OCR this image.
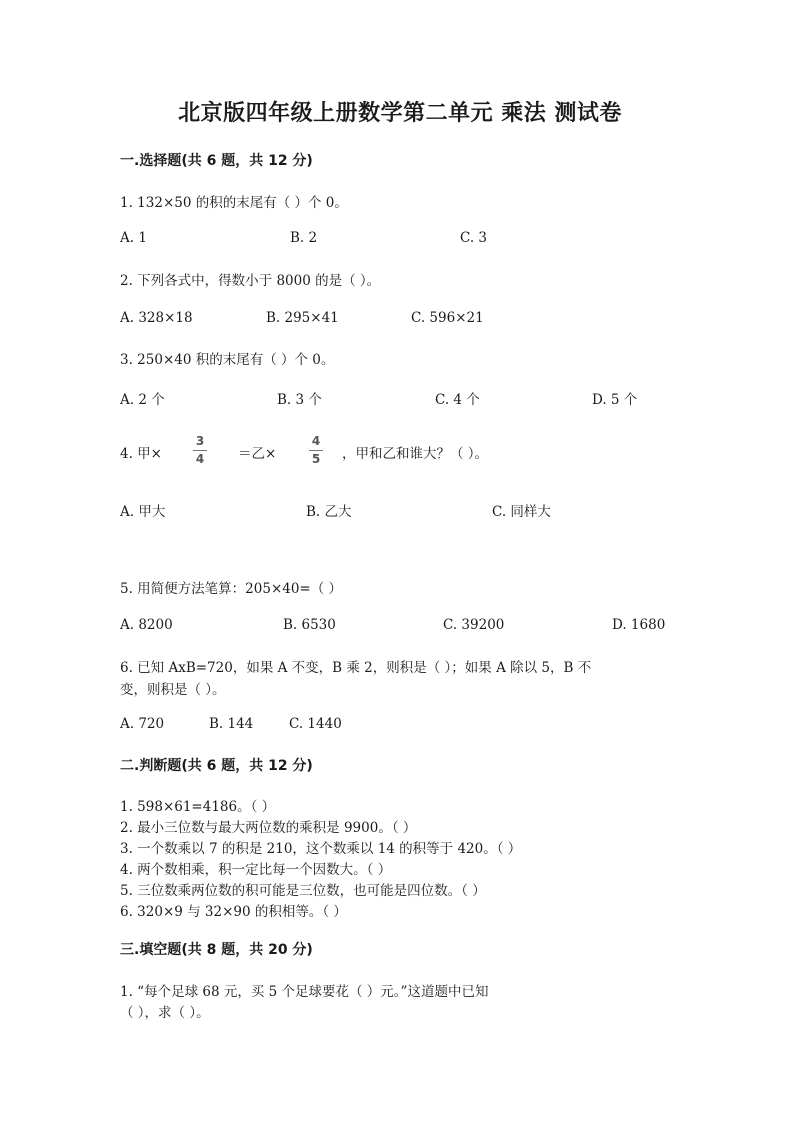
北京版四年级上册数学第二单元 乘法 测试卷
一.选择题(共 6 题，共 12 分)
1. 132×50 的积的末尾有（ ）个 0。
A. 1	B. 2	C. 3
2. 下列各式中，得数小于 8000 的是（ ）。
A. 328×18	B. 295×41	C. 596×21
3. 250×40 积的末尾有（ ）个 0。
A. 2 个	B. 3 个	C. 4 个	D. 5 个
4. 甲×
3
4	＝乙×
4
5	，甲和乙和谁大？（ ）。
A. 甲大	B. 乙大	C. 同样大
5. 用简便方法笔算：205×40=（ ）
A. 8200	B. 6530	C. 39200	D. 1680
6. 已知 AxB=720，如果 A 不变，B 乘 2，则积是（ ）；如果 A 除以 5，B 不
变，则积是（ ）。
A. 720	B. 144	C. 1440
二.判断题(共 6 题，共 12 分)
1. 598×61=4186。（ ）
2. 最小三位数与最大两位数的乘积是 9900。（ ）
3. 一个数乘以 7 的积是 210，这个数乘以 14 的积等于 420。（ ）
4. 两个数相乘，积一定比每一个因数大。（ ）
5. 三位数乘两位数的积可能是三位数，也可能是四位数。（ ）
6. 320×9 与 32×90 的积相等。（ ）
三.填空题(共 8 题，共 20 分)
1. “每个足球 68 元，买 5 个足球要花（ ）元。”这道题中已知
（ ），求（ ）。
